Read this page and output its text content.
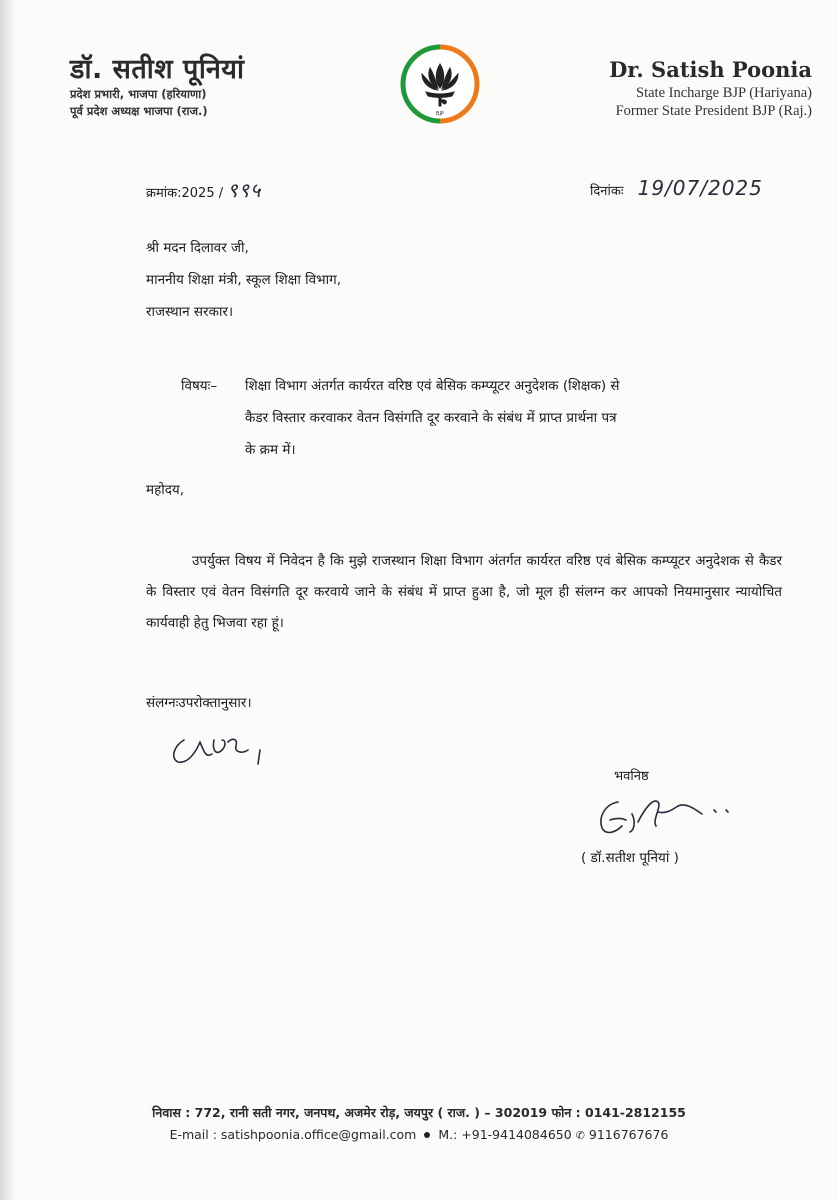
डॉ. सतीश पूनियां
प्रदेश प्रभारी, भाजपा (हरियाणा)
पूर्व प्रदेश अध्यक्ष भाजपा (राज.)	BJP
Dr. Satish Poonia
State Incharge BJP (Hariyana)
Former State President BJP (Raj.)
क्रमांक:2025 / ९९५	दिनांकः 19/07/2025
श्री मदन दिलावर जी,
माननीय शिक्षा मंत्री, स्कूल शिक्षा विभाग,
राजस्थान सरकार।
विषयः– शिक्षा विभाग अंतर्गत कार्यरत वरिष्ठ एवं बेसिक कम्प्यूटर अनुदेशक (शिक्षक) से
कैडर विस्तार करवाकर वेतन विसंगति दूर करवाने के संबंध में प्राप्त प्रार्थना पत्र
के क्रम में।
महोदय,
उपर्युक्त विषय में निवेदन है कि मुझे राजस्थान शिक्षा विभाग अंतर्गत कार्यरत वरिष्ठ एवं बेसिक कम्प्यूटर अनुदेशक से कैडर के विस्तार एवं वेतन विसंगति दूर करवाये जाने के संबंध में प्राप्त हुआ है, जो मूल ही संलग्न कर आपको नियमानुसार न्यायोचित कार्यवाही हेतु भिजवा रहा हूं।
संलग्नःउपरोक्तानुसार।
भवनिष्ठ
( डॉ.सतीश पूनियां )
निवास : 772, रानी सती नगर, जनपथ, अजमेर रोड़, जयपुर ( राज. ) – 302019 फोन : 0141-2812155
E-mail : satishpoonia.office@gmail.com M.: +91-9414084650 ✆ 9116767676
